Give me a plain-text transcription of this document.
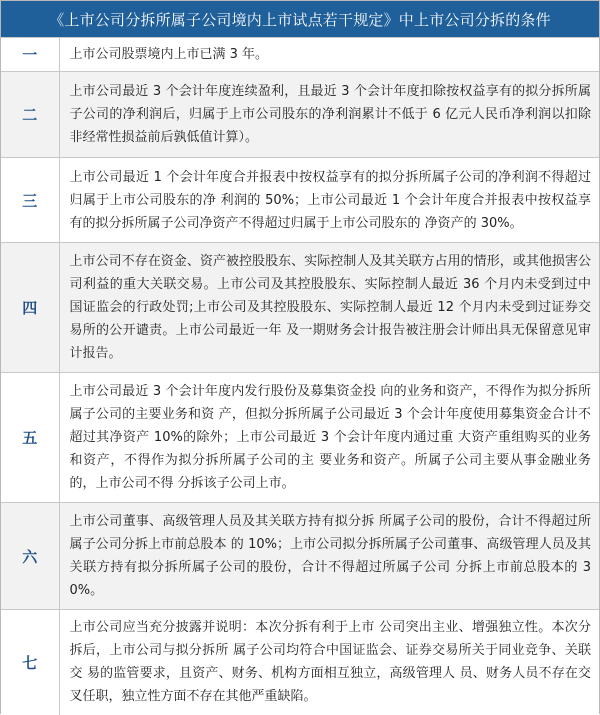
《上市公司分拆所属子公司境内上市试点若干规定》中上市公司分拆的条件
一	上市公司股票境内上市已满 3 年。
二	上市公司最近 3 个会计年度连续盈利，且最近 3 个会计年度扣除按权益享有的拟分拆所属子公司的净利润后，归属于上市公司股东的净利润累计不低于 6 亿元人民币净利润以扣除非经常性损益前后孰低值计算）。
三	上市公司最近 1 个会计年度合并报表中按权益享有的拟分拆所属子公司的净利润不得超过归属于上市公司股东的净 利润的 50%；上市公司最近 1 个会计年度合并报表中按权益享 有的拟分拆所属子公司净资产不得超过归属于上市公司股东的 净资产的 30%。
四	上市公司不存在资金、资产被控股股东、实际控制人及其关联方占用的情形，或其他损害公司利益的重大关联交易。上市公司及其控股股东、实际控制人最近 36 个月内未受到过中 国证监会的行政处罚;上市公司及其控股股东、实际控制人最近 12 个月内未受到过证券交易所的公开谴责。上市公司最近一年 及一期财务会计报告被注册会计师出具无保留意见审计报告。
五	上市公司最近 3 个会计年度内发行股份及募集资金投 向的业务和资产，不得作为拟分拆所属子公司的主要业务和资 产，但拟分拆所属子公司最近 3 个会计年度使用募集资金合计不 超过其净资产 10%的除外；上市公司最近 3 个会计年度内通过重 大资产重组购买的业务和资产，不得作为拟分拆所属子公司的主 要业务和资产。所属子公司主要从事金融业务的，上市公司不得 分拆该子公司上市。
六	上市公司董事、高级管理人员及其关联方持有拟分拆 所属子公司的股份，合计不得超过所属子公司分拆上市前总股本 的 10%；上市公司拟分拆所属子公司董事、高级管理人员及其关联方持有拟分拆所属子公司的股份，合计不得超过所属子公司 分拆上市前总股本的 30%。
七	上市公司应当充分披露并说明：本次分拆有利于上市 公司突出主业、增强独立性。本次分拆后，上市公司与拟分拆所 属子公司均符合中国证监会、证券交易所关于同业竞争、关联交 易的监管要求，且资产、财务、机构方面相互独立，高级管理人 员、财务人员不存在交叉任职，独立性方面不存在其他严重缺陷。
